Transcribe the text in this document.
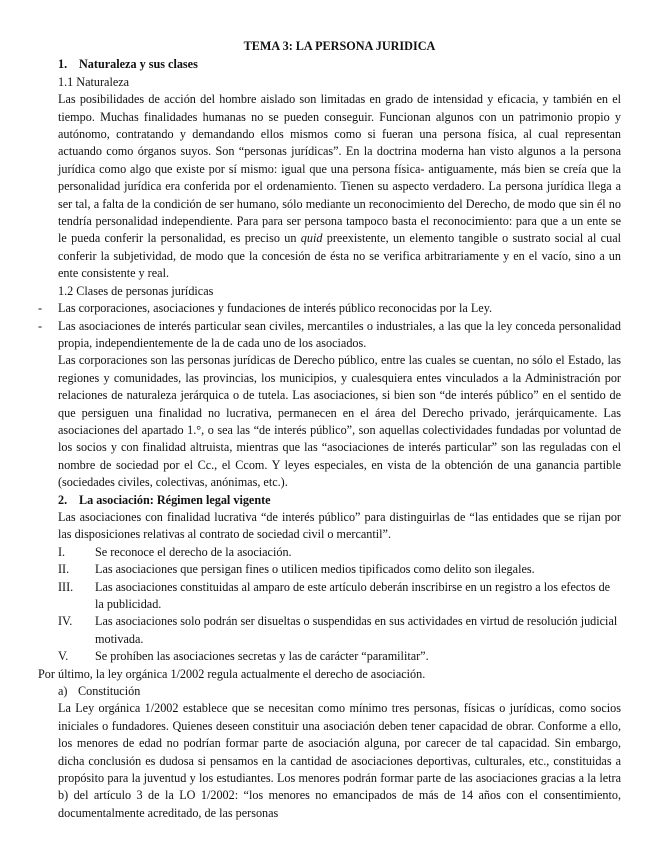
TEMA 3: LA PERSONA JURIDICA

1. Naturaleza y sus clases

1.1 Naturaleza

Las posibilidades de acción del hombre aislado son limitadas en grado de intensidad y eficacia, y también en el tiempo. Muchas finalidades humanas no se pueden conseguir. Funcionan algunos con un patrimonio propio y autónomo, contratando y demandando ellos mismos como si fueran una persona física, al cual representan actuando como órganos suyos. Son “personas jurídicas”. En la doctrina moderna han visto algunos a la persona jurídica como algo que existe por sí mismo: igual que una persona física- antiguamente, más bien se creía que la personalidad jurídica era conferida por el ordenamiento. Tienen su aspecto verdadero. La persona jurídica llega a ser tal, a falta de la condición de ser humano, sólo mediante un reconocimiento del Derecho, de modo que sin él no tendría personalidad independiente. Para para ser persona tampoco basta el reconocimiento: para que a un ente se le pueda conferir la personalidad, es preciso un quid preexistente, un elemento tangible o sustrato social al cual conferir la subjetividad, de modo que la concesión de ésta no se verifica arbitrariamente y en el vacío, sino a un ente consistente y real.

1.2 Clases de personas jurídicas

-	Las corporaciones, asociaciones y fundaciones de interés público reconocidas por la Ley.
-	Las asociaciones de interés particular sean civiles, mercantiles o industriales, a las que la ley conceda personalidad propia, independientemente de la de cada uno de los asociados.

Las corporaciones son las personas jurídicas de Derecho público, entre las cuales se cuentan, no sólo el Estado, las regiones y comunidades, las provincias, los municipios, y cualesquiera entes vinculados a la Administración por relaciones de naturaleza jerárquica o de tutela. Las asociaciones, si bien son “de interés público” en el sentido de que persiguen una finalidad no lucrativa, permanecen en el área del Derecho privado, jerárquicamente. Las asociaciones del apartado 1.°, o sea las “de interés público”, son aquellas colectividades fundadas por voluntad de los socios y con finalidad altruista, mientras que las “asociaciones de interés particular” son las reguladas con el nombre de sociedad por el Cc., el Ccom. Y leyes especiales, en vista de la obtención de una ganancia partible (sociedades civiles, colectivas, anónimas, etc.).

2. La asociación: Régimen legal vigente

Las asociaciones con finalidad lucrativa “de interés público” para distinguirlas de “las entidades que se rijan por las disposiciones relativas al contrato de sociedad civil o mercantil”.

I.	Se reconoce el derecho de la asociación.
II.	Las asociaciones que persigan fines o utilicen medios tipificados como delito son ilegales.
III.	Las asociaciones constituidas al amparo de este artículo deberán inscribirse en un registro a los efectos de la publicidad.
IV.	Las asociaciones solo podrán ser disueltas o suspendidas en sus actividades en virtud de resolución judicial motivada.
V.	Se prohíben las asociaciones secretas y las de carácter “paramilitar”.

Por último, la ley orgánica 1/2002 regula actualmente el derecho de asociación.

a) Constitución

La Ley orgánica 1/2002 establece que se necesitan como mínimo tres personas, físicas o jurídicas, como socios iniciales o fundadores. Quienes deseen constituir una asociación deben tener capacidad de obrar. Conforme a ello, los menores de edad no podrían formar parte de asociación alguna, por carecer de tal capacidad. Sin embargo, dicha conclusión es dudosa si pensamos en la cantidad de asociaciones deportivas, culturales, etc., constituidas a propósito para la juventud y los estudiantes. Los menores podrán formar parte de las asociaciones gracias a la letra b) del artículo 3 de la LO 1/2002: “los menores no emancipados de más de 14 años con el consentimiento, documentalmente acreditado, de las personas
